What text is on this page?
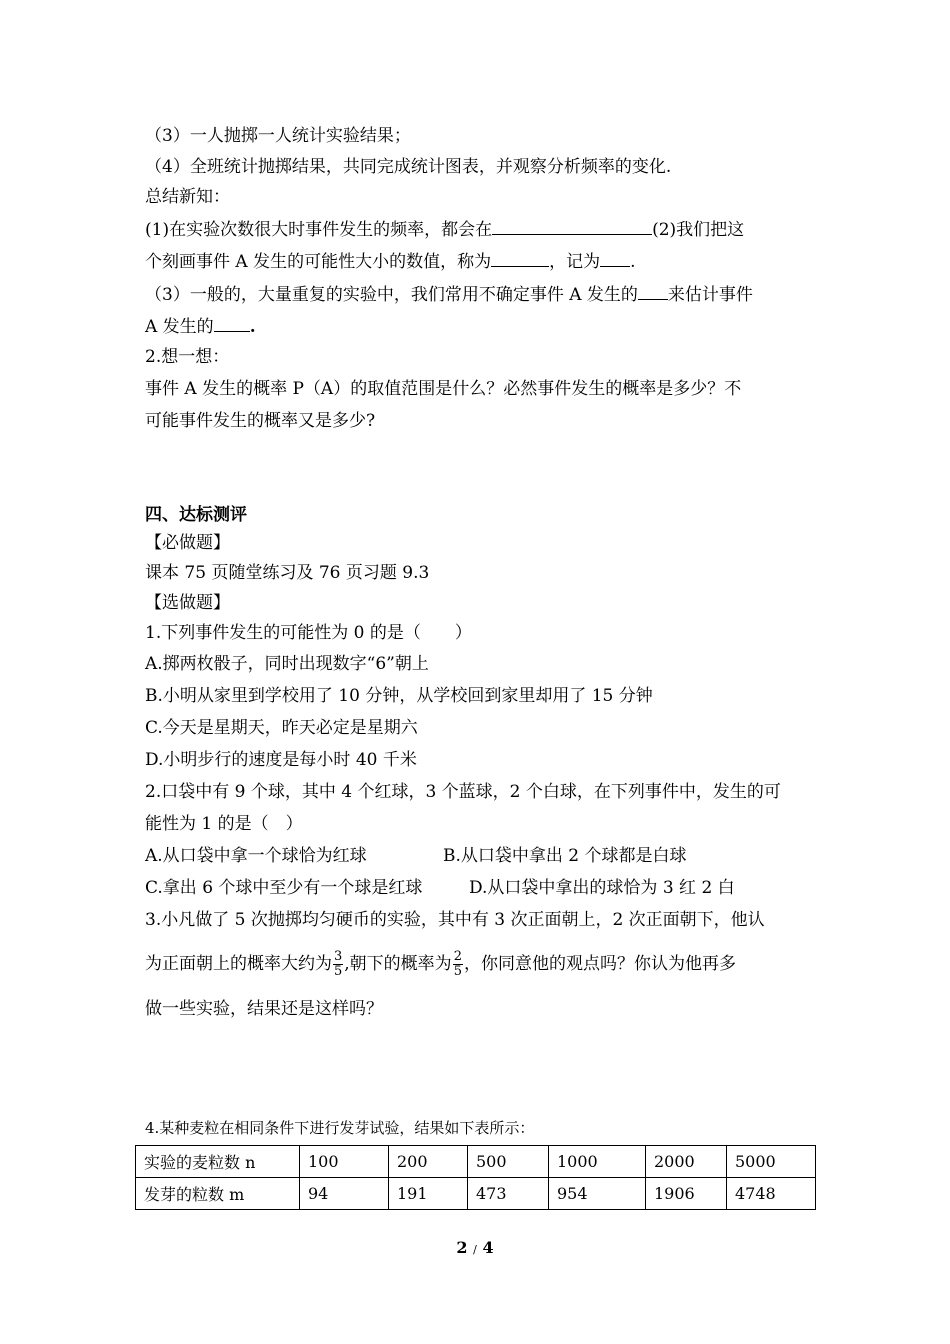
（3）一人抛掷一人统计实验结果；
（4）全班统计抛掷结果，共同完成统计图表，并观察分析频率的变化.
总结新知：
(1)在实验次数很大时事件发生的频率，都会在	(2)我们把这
个刻画事件 A 发生的可能性大小的数值，称为	，记为 .
（3）一般的，大量重复的实验中，我们常用不确定事件 A 发生的 来估计事件
A 发生的 .
2.想一想：
事件 A 发生的概率 P（A）的取值范围是什么？必然事件发生的概率是多少？不
可能事件发生的概率又是多少?
四、达标测评
【必做题】
课本 75 页随堂练习及 76 页习题 9.3
【选做题】
1.下列事件发生的可能性为 0 的是（　　）
A.掷两枚骰子，同时出现数字“6”朝上
B.小明从家里到学校用了 10 分钟，从学校回到家里却用了 15 分钟
C.今天是星期天，昨天必定是星期六
D.小明步行的速度是每小时 40 千米
2.口袋中有 9 个球，其中 4 个红球，3 个蓝球，2 个白球，在下列事件中，发生的可
能性为 1 的是（　）
A.从口袋中拿一个球恰为红球	B.从口袋中拿出 2 个球都是白球
C.拿出 6 个球中至少有一个球是红球	D.从口袋中拿出的球恰为 3 红 2 白
3.小凡做了 5 次抛掷均匀硬币的实验，其中有 3 次正面朝上，2 次正面朝下，他认
为正面朝上的概率大约为 $\frac{3}{5}$ ,朝下的概率为 $\frac{2}{5}$ ，你同意他的观点吗？你认为他再多
做一些实验，结果还是这样吗？
4.某种麦粒在相同条件下进行发芽试验，结果如下表所示：
实验的麦粒数 n	100	200	500	1000	2000	5000
发芽的粒数 m	94	191	473	954	1906	4748
2 / 4
